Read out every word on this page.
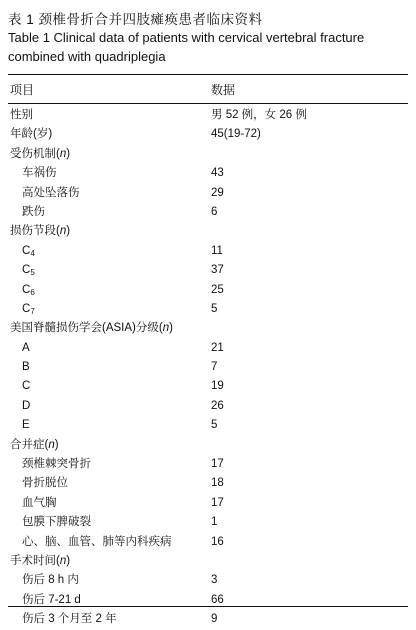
表 1 颈椎骨折合并四肢瘫痪患者临床资料
Table 1 Clinical data of patients with cervical vertebral fracture combined with quadriplegia
项目	数据
性别	男 52 例，女 26 例
年龄(岁)	45(19-72)
受伤机制(n)
车祸伤	43
高处坠落伤	29
跌伤	6
损伤节段(n)
$C_4$	11
$C_5$	37
$C_6$	25
$C_7$	5
美国脊髓损伤学会(ASIA)分级(n)
A	21
B	7
C	19
D	26
E	5
合并症(n)
颈椎棘突骨折	17
骨折脱位	18
血气胸	17
包膜下脾破裂	1
心、脑、血管、肺等内科疾病	16
手术时间(n)
伤后 8 h 内	3
伤后 7-21 d	66
伤后 3 个月至 2 年	9
